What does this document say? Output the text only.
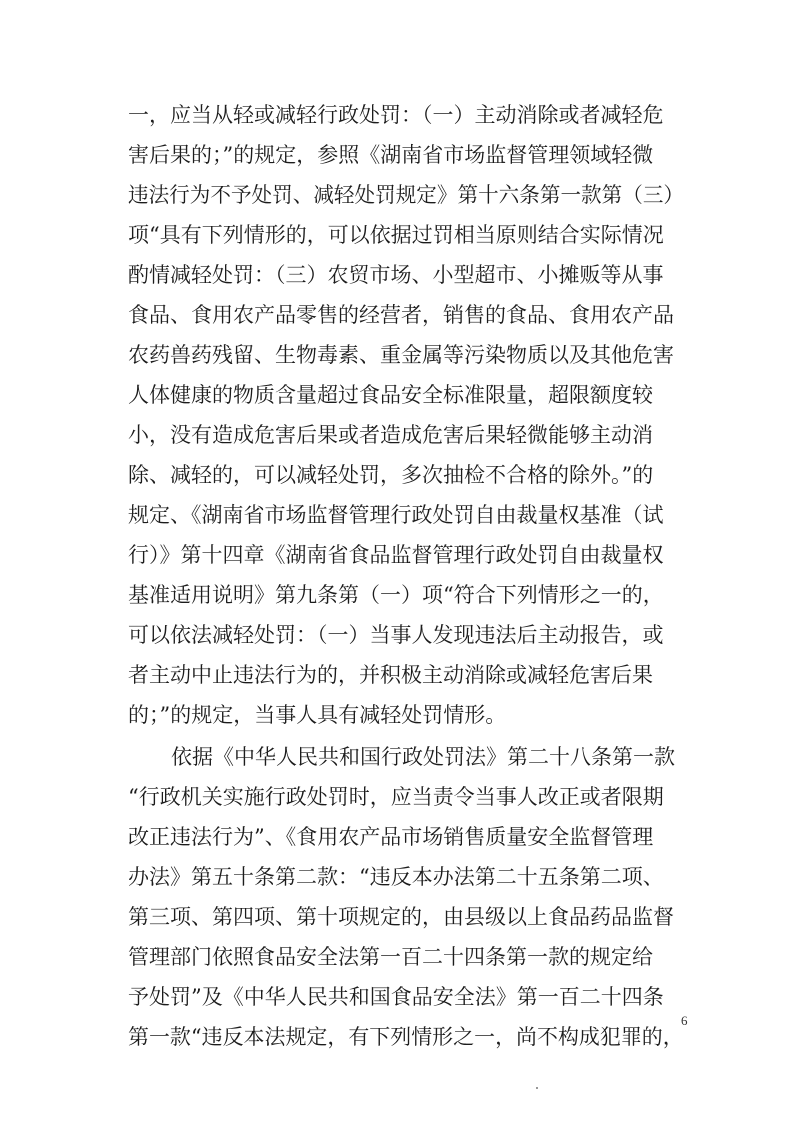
一，应当从轻或减轻行政处罚：（一）主动消除或者减轻危
害后果的；”的规定，参照《湖南省市场监督管理领域轻微
违法行为不予处罚、减轻处罚规定》第十六条第一款第（三）
项“具有下列情形的，可以依据过罚相当原则结合实际情况
酌情减轻处罚：（三）农贸市场、小型超市、小摊贩等从事
食品、食用农产品零售的经营者，销售的食品、食用农产品
农药兽药残留、生物毒素、重金属等污染物质以及其他危害
人体健康的物质含量超过食品安全标准限量，超限额度较
小，没有造成危害后果或者造成危害后果轻微能够主动消
除、减轻的，可以减轻处罚，多次抽检不合格的除外。”的
规定、《湖南省市场监督管理行政处罚自由裁量权基准（试
行）》第十四章《湖南省食品监督管理行政处罚自由裁量权
基准适用说明》第九条第（一）项“符合下列情形之一的，
可以依法减轻处罚：（一）当事人发现违法后主动报告，或
者主动中止违法行为的，并积极主动消除或减轻危害后果
的；”的规定，当事人具有减轻处罚情形。
依据《中华人民共和国行政处罚法》第二十八条第一款
“行政机关实施行政处罚时，应当责令当事人改正或者限期
改正违法行为”、《食用农产品市场销售质量安全监督管理
办法》第五十条第二款：“违反本办法第二十五条第二项、
第三项、第四项、第十项规定的，由县级以上食品药品监督
管理部门依照食品安全法第一百二十四条第一款的规定给
予处罚”及《中华人民共和国食品安全法》第一百二十四条
第一款“违反本法规定，有下列情形之一，尚不构成犯罪的，
6
